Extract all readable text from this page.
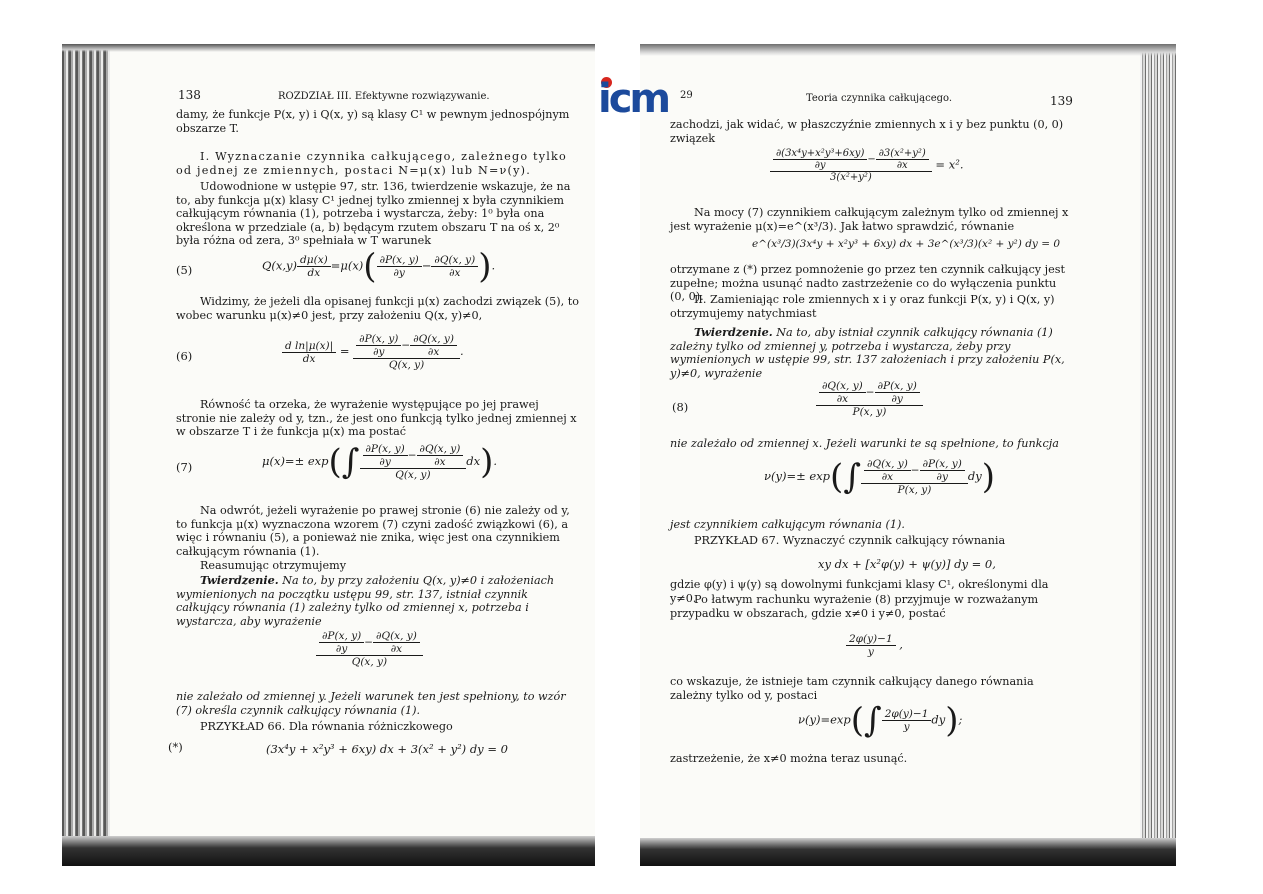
icm
138	ROZDZIAŁ III. Efektywne rozwiązywanie.

damy, że funkcje P(x, y) i Q(x, y) są klasy C¹ w pewnym jednospójnym obszarze T.

I. Wyznaczanie czynnika całkującego, zależnego tylko od jednej ze zmiennych, postaci N=μ(x) lub N=ν(y).

Udowodnione w ustępie 97, str. 136, twierdzenie wskazuje, że na to, aby funkcja μ(x) klasy C¹ jednej tylko zmiennej x była czynnikiem całkującym równania (1), potrzeba i wystarcza, żeby: 1⁰ była ona określona w przedziale (a, b) będącym rzutem obszaru T na oś x, 2⁰ była różna od zera, 3⁰ spełniała w T warunek

(5)	$Q(x,y) \frac{d\mu(x)}{dx} =\mu(x)( \frac{\partial P(x, y)}{\partial y} - \frac{\partial Q(x, y)}{\partial x}$ ).

Widzimy, że jeżeli dla opisanej funkcji μ(x) zachodzi związek (5), to wobec warunku μ(x)≠0 jest, przy założeniu Q(x, y)≠0,

(6)	$\frac{\text{d ln|μ(x)|}}{dx} = \frac{\frac{\partial P(x, y)}{\partial y} - \frac{\partial Q(x, y)}{\partial x}}{Q(x, y)}$ .

Równość ta orzeka, że wyrażenie występujące po jej prawej stronie nie zależy od y, tzn., że jest ono funkcją tylko jednej zmiennej x w obszarze T i że funkcja μ(x) ma postać

(7)	$\mu(x)=\pm \exp(\int \frac{\frac{\partial P(x, y)}{\partial y} - \frac{\partial Q(x, y)}{\partial x}}{Q(x, y)} dx)$.

Na odwrót, jeżeli wyrażenie po prawej stronie (6) nie zależy od y, to funkcja μ(x) wyznaczona wzorem (7) czyni zadość związkowi (6), a więc i równaniu (5), a ponieważ nie znika, więc jest ona czynnikiem całkującym równania (1).

Reasumując otrzymujemy

Twierdzenie. Na to, by przy założeniu Q(x, y)≠0 i założeniach wymienionych na początku ustępu 99, str. 137, istniał czynnik całkujący równania (1) zależny tylko od zmiennej x, potrzeba i wystarcza, aby wyrażenie

$\frac{\frac{\partial P(x, y)}{\partial y} - \frac{\partial Q(x, y)}{\partial x}}{Q(x, y)}$

nie zależało od zmiennej y. Jeżeli warunek ten jest spełniony, to wzór (7) określa czynnik całkujący równania (1).

PRZYKŁAD 66. Dla równania różniczkowego

(*)	(3x⁴y + x²y³ + 6xy) dx + 3(x² + y²) dy = 0
29	Teoria czynnika całkującego.	139

zachodzi, jak widać, w płaszczyźnie zmiennych x i y bez punktu (0, 0) związek

$\frac{\frac{\text{∂(3x⁴y+x²y³+6xy)}}{\partial y} - \frac{\text{∂3(x²+y²)}}{\partial x}}{\text{3(x²+y²)}} = x^2$.

Na mocy (7) czynnikiem całkującym zależnym tylko od zmiennej x jest wyrażenie μ(x)=e^(x³/3). Jak łatwo sprawdzić, równanie

e^(x³/3)(3x⁴y + x²y³ + 6xy) dx + 3e^(x³/3)(x² + y²) dy = 0

otrzymane z (*) przez pomnożenie go przez ten czynnik całkujący jest zupełne; można usunąć nadto zastrzeżenie co do wyłączenia punktu (0, 0).

II. Zamieniając role zmiennych x i y oraz funkcji P(x, y) i Q(x, y) otrzymujemy natychmiast

Twierdzenie. Na to, aby istniał czynnik całkujący równania (1) zależny tylko od zmiennej y, potrzeba i wystarcza, żeby przy wymienionych w ustępie 99, str. 137 założeniach i przy założeniu P(x, y)≠0, wyrażenie

(8)	$\frac{\frac{\partial Q(x, y)}{\partial x} - \frac{\partial P(x, y)}{\partial y}}{P(x, y)}$

nie zależało od zmiennej x. Jeżeli warunki te są spełnione, to funkcja

$\nu(y)=\pm \exp(\int \frac{\frac{\partial Q(x, y)}{\partial x} - \frac{\partial P(x, y)}{\partial y}}{P(x, y)} dy)$

jest czynnikiem całkującym równania (1).

PRZYKŁAD 67. Wyznaczyć czynnik całkujący równania

xy dx + [x²φ(y) + ψ(y)] dy = 0,

gdzie φ(y) i ψ(y) są dowolnymi funkcjami klasy C¹, określonymi dla y≠0.

Po łatwym rachunku wyrażenie (8) przyjmuje w rozważanym przypadku w obszarach, gdzie x≠0 i y≠0, postać

$\frac{2\varphi(y)-1}{y}$ ,

co wskazuje, że istnieje tam czynnik całkujący danego równania zależny tylko od y, postaci

$\nu(y)=\exp(\int \frac{2\varphi(y)-1}{y} dy)$;

zastrzeżenie, że x≠0 można teraz usunąć.
